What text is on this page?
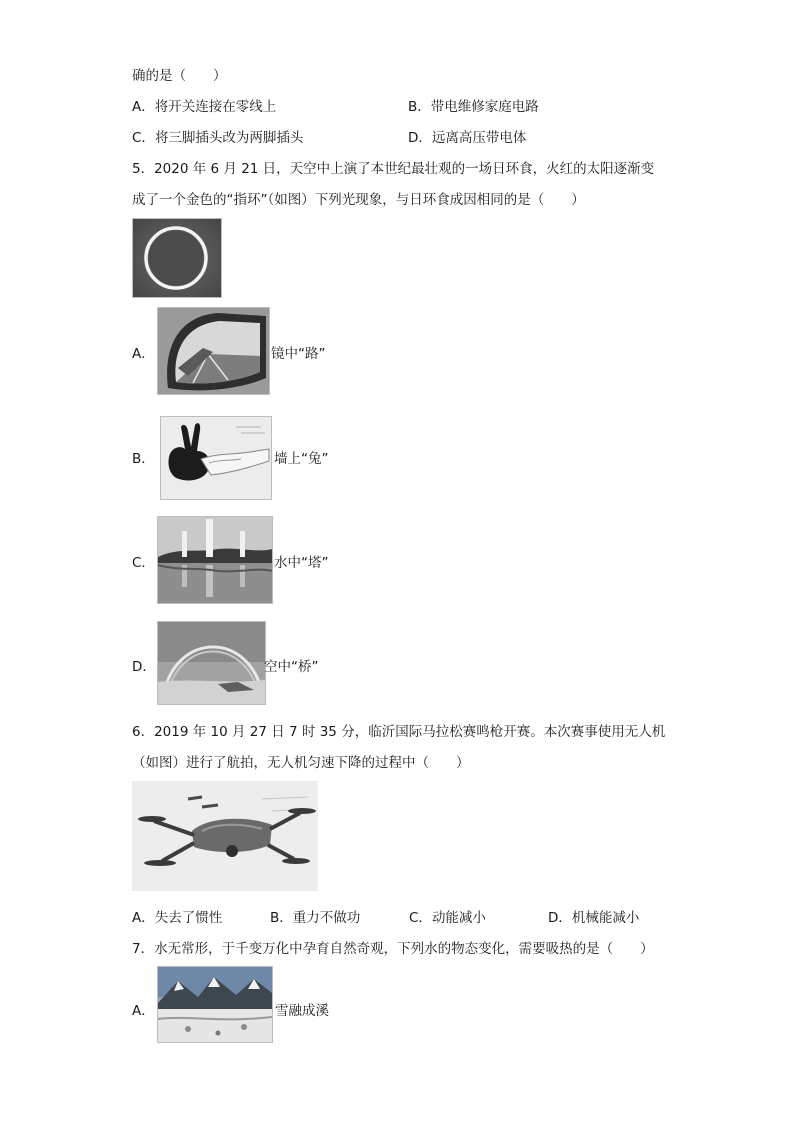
确的是（　　）
A．将开关连接在零线上	B．带电维修家庭电路
C．将三脚插头改为两脚插头	D．远离高压带电体
5．2020 年 6 月 21 日，天空中上演了本世纪最壮观的一场日环食，火红的太阳逐渐变
成了一个金色的“指环”（如图）下列光现象，与日环食成因相同的是（　　）
A．	镜中“路”
B．	墙上“兔”
C．	水中“塔”
D．	空中“桥”
6．2019 年 10 月 27 日 7 时 35 分，临沂国际马拉松赛鸣枪开赛。本次赛事使用无人机
（如图）进行了航拍，无人机匀速下降的过程中（　　）
A．失去了惯性	B．重力不做功	C．动能减小	D．机械能减小
7．水无常形，于千变万化中孕育自然奇观，下列水的物态变化，需要吸热的是（　　）
A．	雪融成溪
